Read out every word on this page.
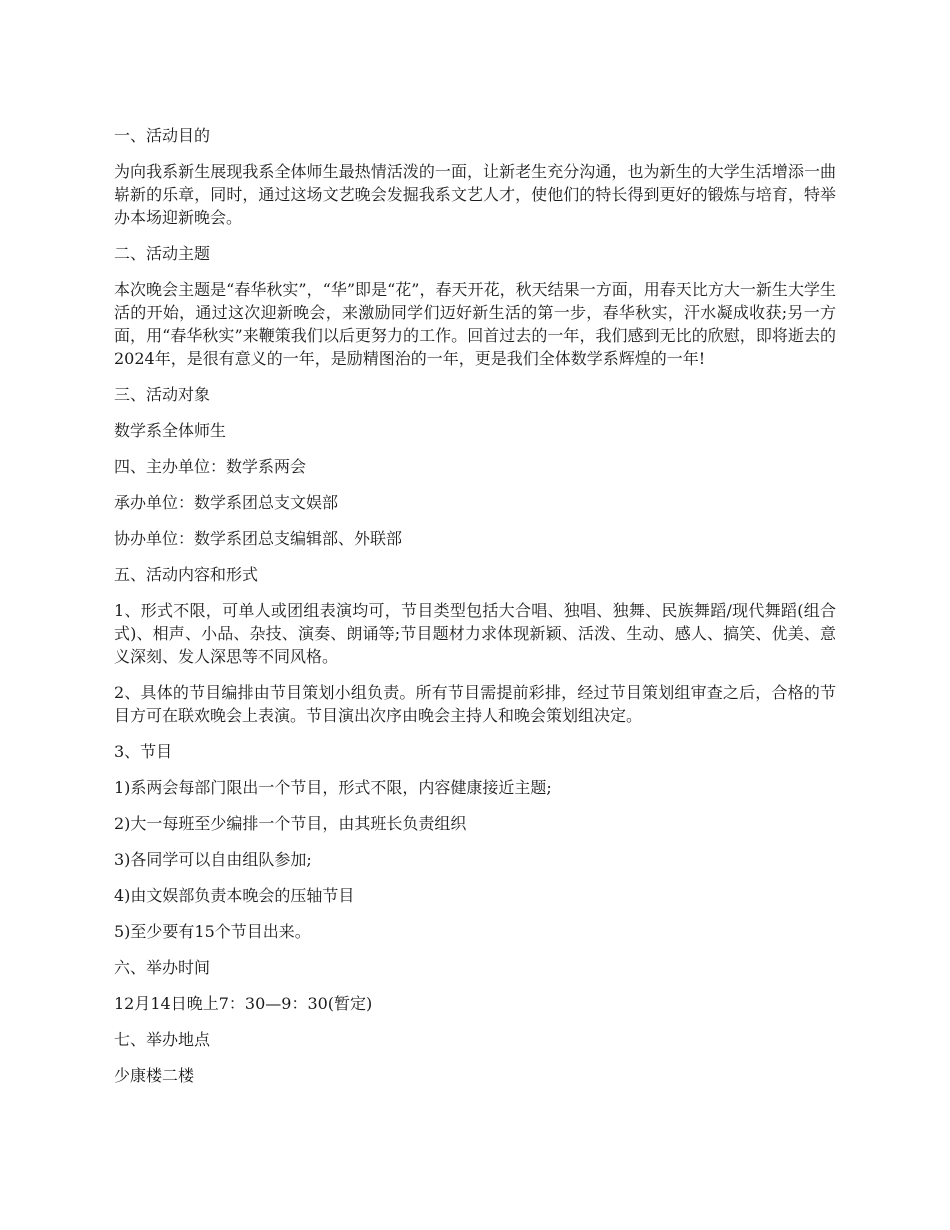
一、活动目的

为向我系新生展现我系全体师生最热情活泼的一面，让新老生充分沟通，也为新生的大学生活增添一曲崭新的乐章，同时，通过这场文艺晚会发掘我系文艺人才，使他们的特长得到更好的锻炼与培育，特举办本场迎新晚会。

二、活动主题

本次晚会主题是“春华秋实”，“华”即是“花”，春天开花，秋天结果一方面，用春天比方大一新生大学生活的开始，通过这次迎新晚会，来激励同学们迈好新生活的第一步，春华秋实，汗水凝成收获;另一方面，用“春华秋实”来鞭策我们以后更努力的工作。回首过去的一年，我们感到无比的欣慰，即将逝去的2024年，是很有意义的一年，是励精图治的一年，更是我们全体数学系辉煌的一年!

三、活动对象

数学系全体师生

四、主办单位：数学系两会

承办单位：数学系团总支文娱部

协办单位：数学系团总支编辑部、外联部

五、活动内容和形式

1、形式不限，可单人或团组表演均可，节目类型包括大合唱、独唱、独舞、民族舞蹈/现代舞蹈(组合式)、相声、小品、杂技、演奏、朗诵等;节目题材力求体现新颖、活泼、生动、感人、搞笑、优美、意义深刻、发人深思等不同风格。

2、具体的节目编排由节目策划小组负责。所有节目需提前彩排，经过节目策划组审查之后，合格的节目方可在联欢晚会上表演。节目演出次序由晚会主持人和晚会策划组决定。

3、节目

1)系两会每部门限出一个节目，形式不限，内容健康接近主题;

2)大一每班至少编排一个节目，由其班长负责组织

3)各同学可以自由组队参加;

4)由文娱部负责本晚会的压轴节目

5)至少要有15个节目出来。

六、举办时间

12月14日晚上7：30—9：30(暂定)

七、举办地点

少康楼二楼
